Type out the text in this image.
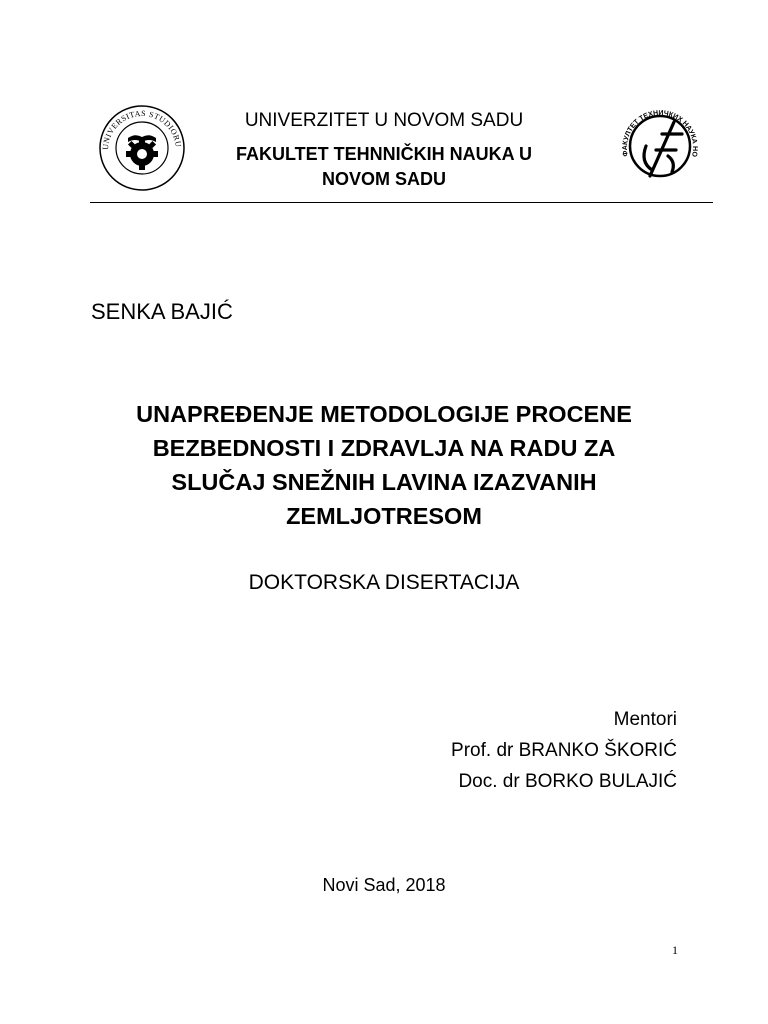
UNIVERSITAS STUDIORU
ФАКУЛТЕТ ТЕХНИЧКИХ НАУКА НО
UNIVERZITET U NOVOM SADU
FAKULTET TEHNNIČKIH NAUKA U
NOVOM SADU
SENKA BAJIĆ
UNAPREĐENJE METODOLOGIJE PROCENE
BEZBEDNOSTI I ZDRAVLJA NA RADU ZA
SLUČAJ SNEŽNIH LAVINA IZAZVANIH
ZEMLJOTRESOM
DOKTORSKA DISERTACIJA
Mentori
Prof. dr BRANKO ŠKORIĆ
Doc. dr BORKO BULAJIĆ
Novi Sad, 2018
1
